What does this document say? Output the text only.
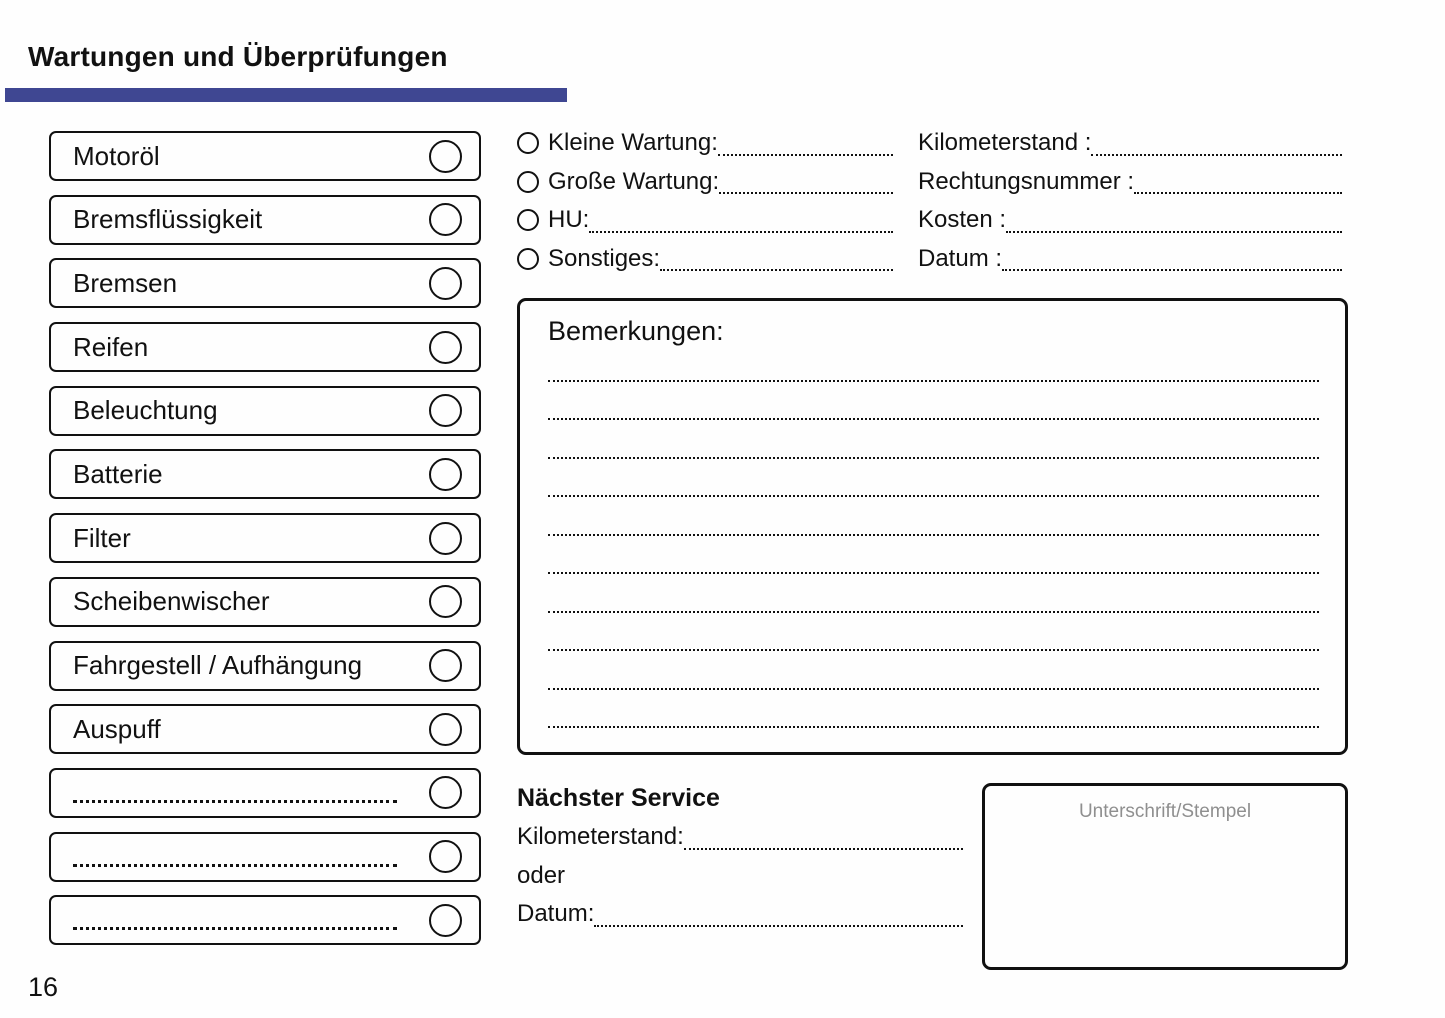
Wartungen und Überprüfungen
Motoröl
Bremsflüssigkeit
Bremsen
Reifen
Beleuchtung
Batterie
Filter
Scheibenwischer
Fahrgestell / Aufhängung
Auspuff
Kleine Wartung:
Große Wartung:
HU:
Sonstiges:
Kilometerstand :
Rechtungsnummer :
Kosten :
Datum :
Bemerkungen:
Nächster Service
Kilometerstand:
oder
Datum:
Unterschrift/Stempel
16
